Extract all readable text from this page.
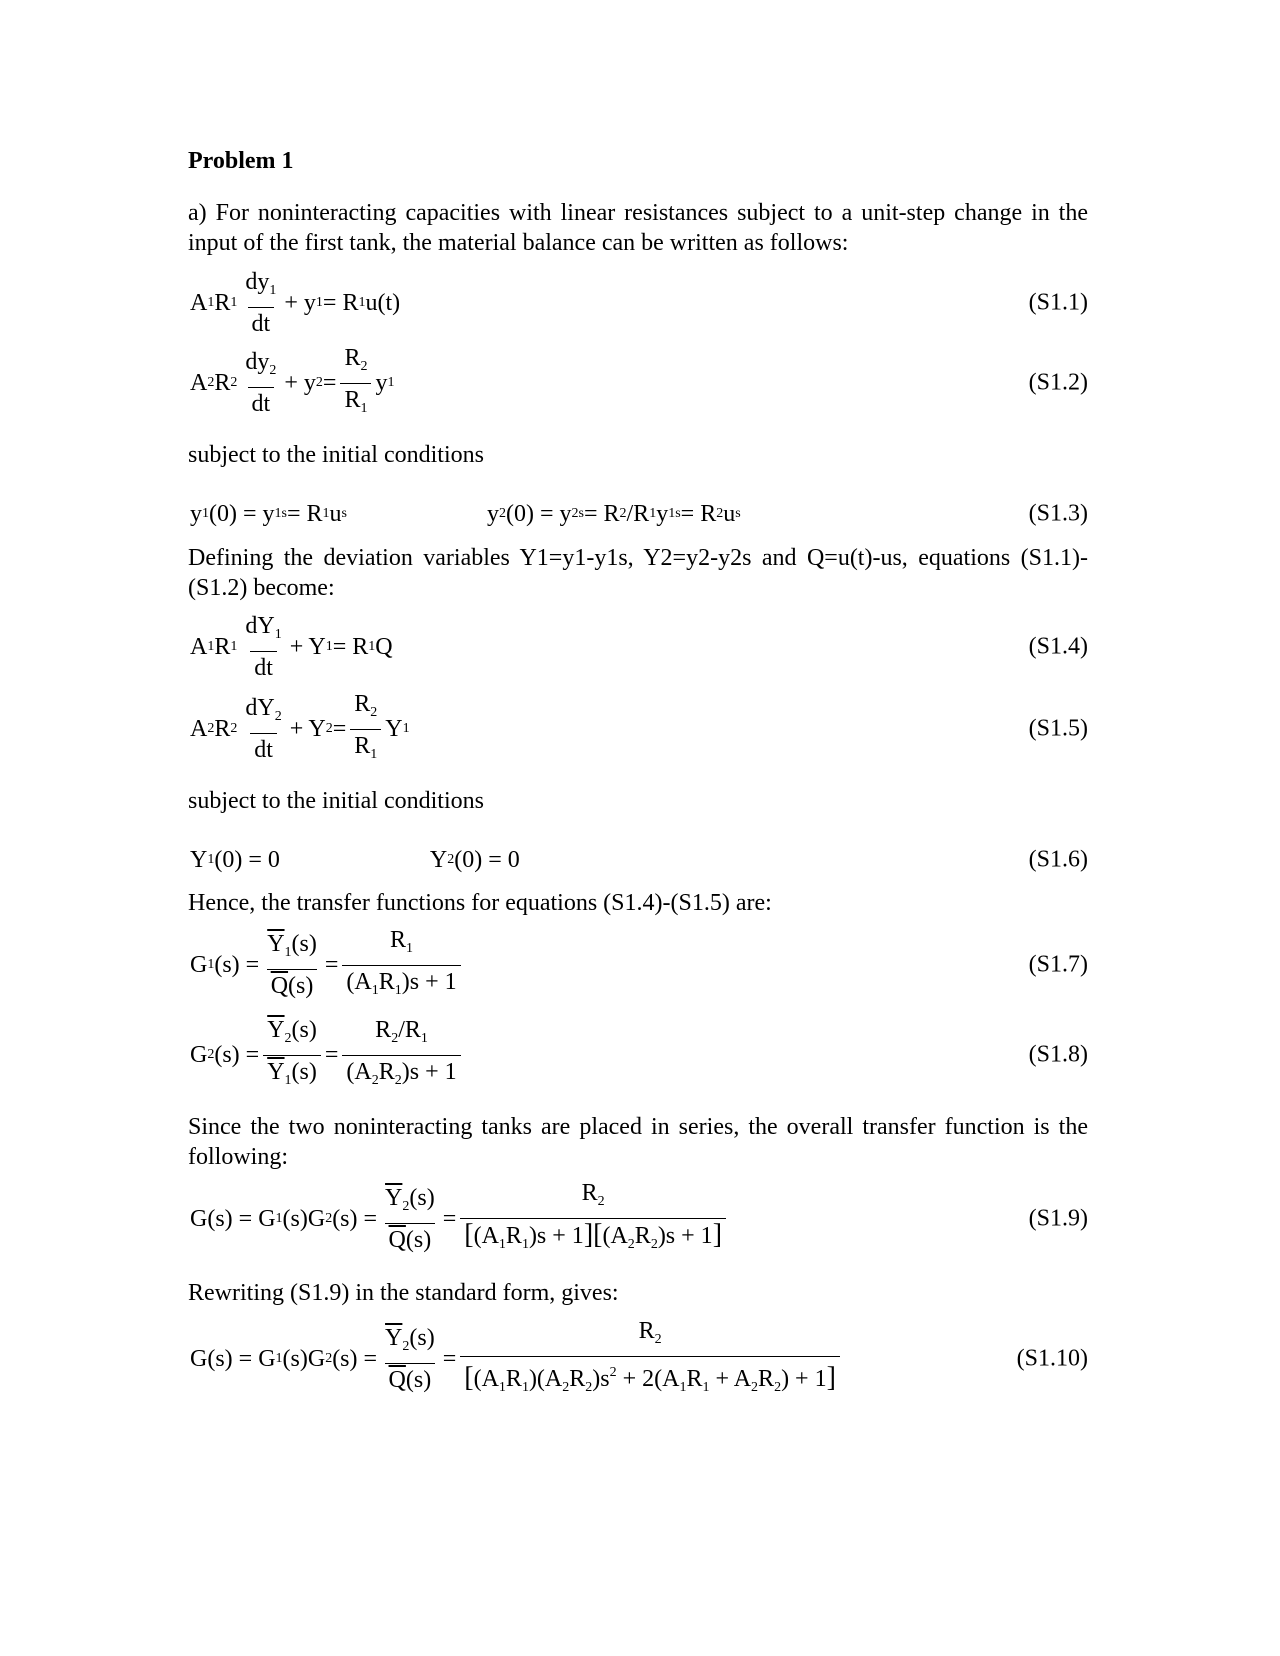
Problem 1
a) For noninteracting capacities with linear resistances subject to a unit-step change in the input of the first tank, the material balance can be written as follows:
A 1 R $1 \frac{dy_1}{dt} + y$ 1 = R 1 u(t)	(S1.1)
A 2 R $2 \frac{dy_2}{dt} + y$ $2 = \frac{R_2}{R_1}$ y 1	(S1.2)
subject to the initial conditions
y 1 (0) = y 1s = R 1 u s	y 2 (0) = y 2s = R 2 /R 1 y 1s = R 2 u s	(S1.3)
Defining the deviation variables Y1=y1-y1s, Y2=y2-y2s and Q=u(t)-us, equations (S1.1)-(S1.2) become:
A 1 R $1 \frac{dY_1}{dt} + Y$ 1 = R 1 Q	(S1.4)
A 2 R $2 \frac{dY_2}{dt} + Y$ $2 = \frac{R_2}{R_1}$ Y 1	(S1.5)
subject to the initial conditions
Y 1 (0) = 0	Y 2 (0) = 0	(S1.6)
Hence, the transfer functions for equations (S1.4)-(S1.5) are:
G 1 $(s) = \frac{\overline{Y}_1(s)}{\overline{Q}(s)} = \frac{R_1}{(A_1R_1)s + 1}$	(S1.7)
G 2 $(s) = \frac{\overline{Y}_2(s)}{\overline{Y}_1(s)} = \frac{R_2/R_1}{(A_2R_2)s + 1}$	(S1.8)
Since the two noninteracting tanks are placed in series, the overall transfer function is the following:
G(s) = G 1 (s)G 2 $(s) = \frac{\overline{Y}_2(s)}{\overline{Q}(s)} = \frac{R_2}{[(A_1R_1)s + 1][(A_2R_2)s + 1]}$	(S1.9)
Rewriting (S1.9) in the standard form, gives:
G(s) = G 1 (s)G 2 $(s) = \frac{\overline{Y}_2(s)}{\overline{Q}(s)} = \frac{R_2}{[(A_1R_1)(A_2R_2)s^2 + 2(A_1R_1 + A_2R_2) + 1]}$	(S1.10)
